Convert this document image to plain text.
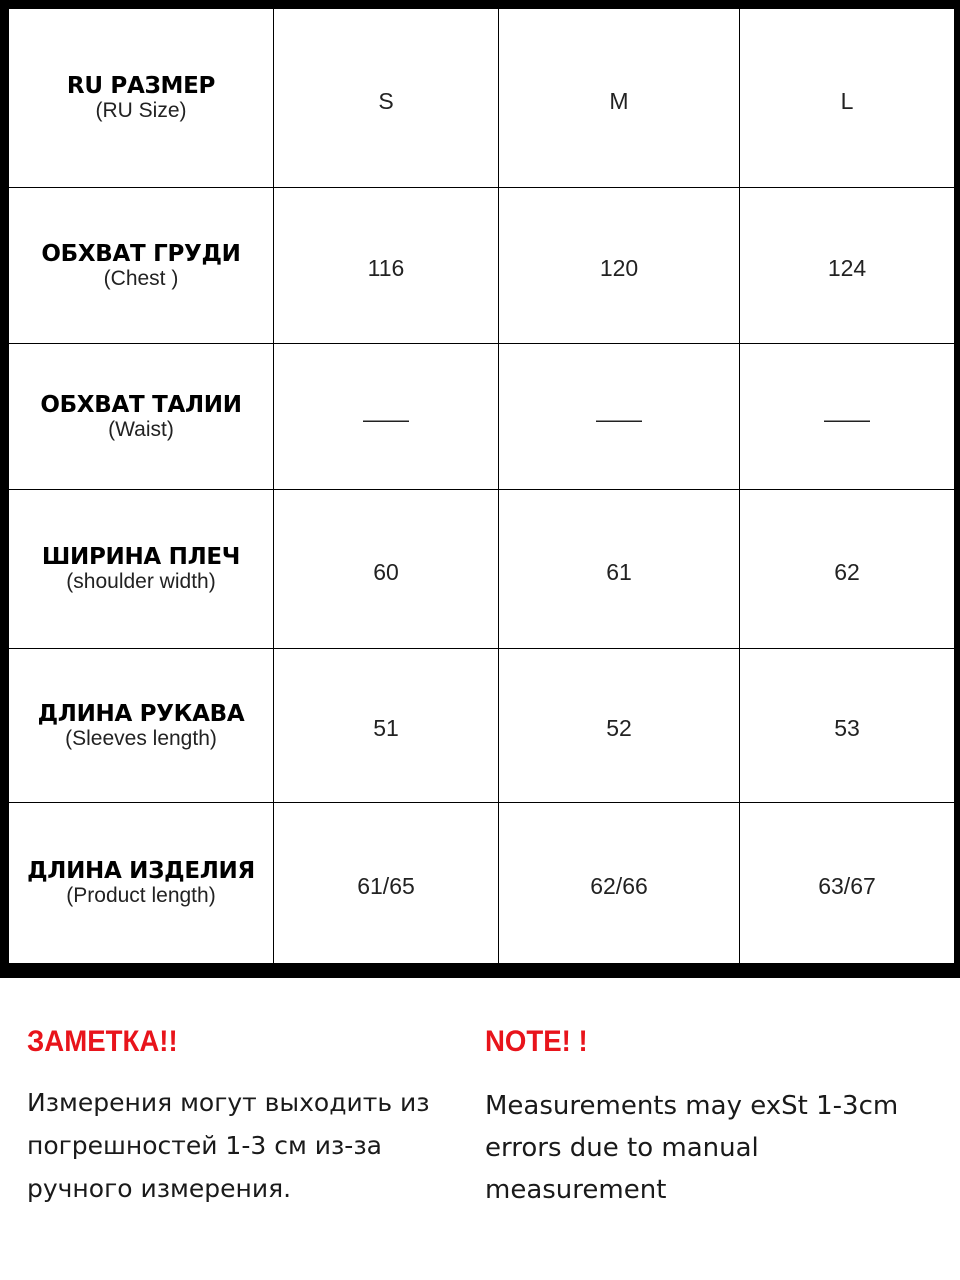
RU РАЗМЕР
(RU Size)	S	M	L
ОБХВАТ ГРУДИ
(Chest )	116	120	124
ОБХВАТ ТАЛИИ
(Waist)	——	——	——
ШИРИНА ПЛЕЧ
(shoulder width)	60	61	62
ДЛИНА РУКАВА
(Sleeves length)	51	52	53
ДЛИНА ИЗДЕЛИЯ
(Product length)	61/65	62/66	63/67
ЗАМЕТКА!!
Измерения могут выходить из
погрешностей 1-3 см из-за
ручного измерения.
NOTE! !
Measurements may exSt 1-3cm
errors due to manual measurement
